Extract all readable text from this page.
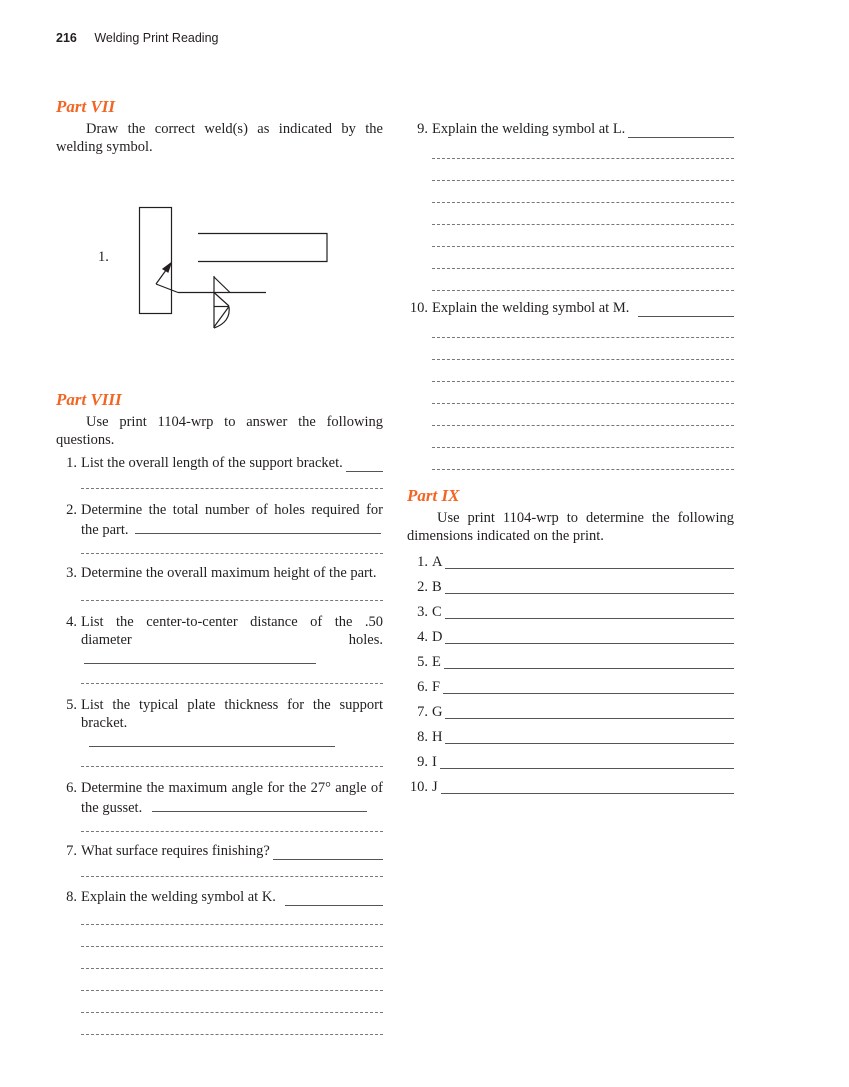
216 Welding Print Reading
Part VII

Draw the correct weld(s) as indicated by the welding symbol.

1.
Part VIII

Use print 1104-wrp to answer the following questions.

1. List the overall length of the support bracket.
2. Determine the total number of holes required for the part.
3. Determine the overall maximum height of the part.
4. List the center-to-center distance of the .50 diameter holes.
5. List the typical plate thickness for the support bracket.
6. Determine the maximum angle for the 27° angle of the gusset.
7. What surface requires finishing?
8. Explain the welding symbol at K.
9. Explain the welding symbol at L.
10. Explain the welding symbol at M.
Part IX

Use print 1104-wrp to determine the following dimensions indicated on the print.

1. A
2. B
3. C
4. D
5. E
6. F
7. G
8. H
9. I
10. J
